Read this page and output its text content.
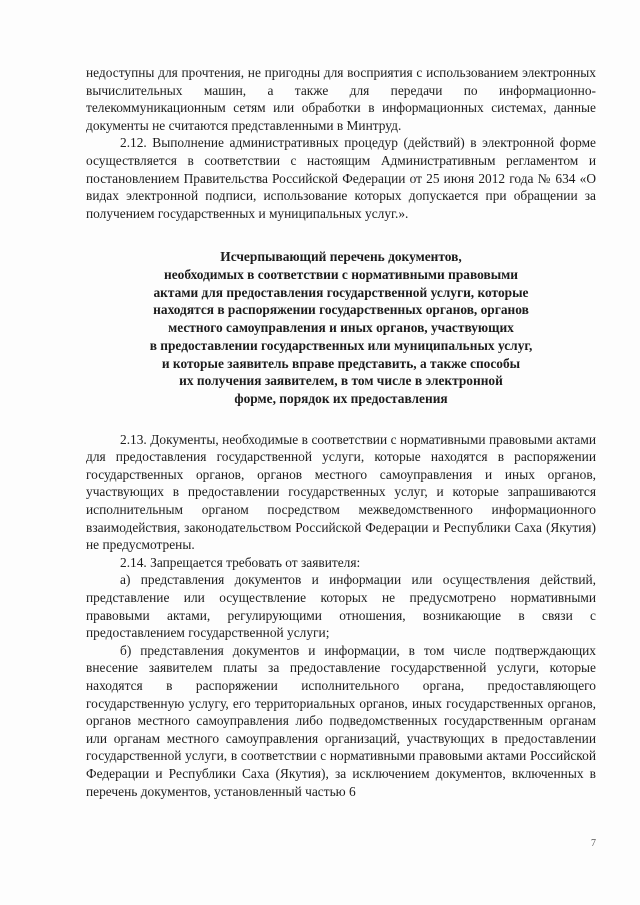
недоступны для прочтения, не пригодны для восприятия с использованием электронных вычислительных машин, а также для передачи по информационно-телекоммуникационным сетям или обработки в информационных системах, данные документы не считаются представленными в Минтруд.

2.12. Выполнение административных процедур (действий) в электронной форме осуществляется в соответствии с настоящим Административным регламентом и постановлением Правительства Российской Федерации от 25 июня 2012 года № 634 «О видах электронной подписи, использование которых допускается при обращении за получением государственных и муниципальных услуг.».

Исчерпывающий перечень документов,
необходимых в соответствии с нормативными правовыми
актами для предоставления государственной услуги, которые
находятся в распоряжении государственных органов, органов
местного самоуправления и иных органов, участвующих
в предоставлении государственных или муниципальных услуг,
и которые заявитель вправе представить, а также способы
их получения заявителем, в том числе в электронной
форме, порядок их предоставления

2.13. Документы, необходимые в соответствии с нормативными правовыми актами для предоставления государственной услуги, которые находятся в распоряжении государственных органов, органов местного самоуправления и иных органов, участвующих в предоставлении государственных услуг, и которые запрашиваются исполнительным органом посредством межведомственного информационного взаимодействия, законодательством Российской Федерации и Республики Саха (Якутия) не предусмотрены.

2.14. Запрещается требовать от заявителя:

а) представления документов и информации или осуществления действий, представление или осуществление которых не предусмотрено нормативными правовыми актами, регулирующими отношения, возникающие в связи с предоставлением государственной услуги;

б) представления документов и информации, в том числе подтверждающих внесение заявителем платы за предоставление государственной услуги, которые находятся в распоряжении исполнительного органа, предоставляющего государственную услугу, его территориальных органов, иных государственных органов, органов местного самоуправления либо подведомственных государственным органам или органам местного самоуправления организаций, участвующих в предоставлении государственной услуги, в соответствии с нормативными правовыми актами Российской Федерации и Республики Саха (Якутия), за исключением документов, включенных в перечень документов, установленный частью 6

7
